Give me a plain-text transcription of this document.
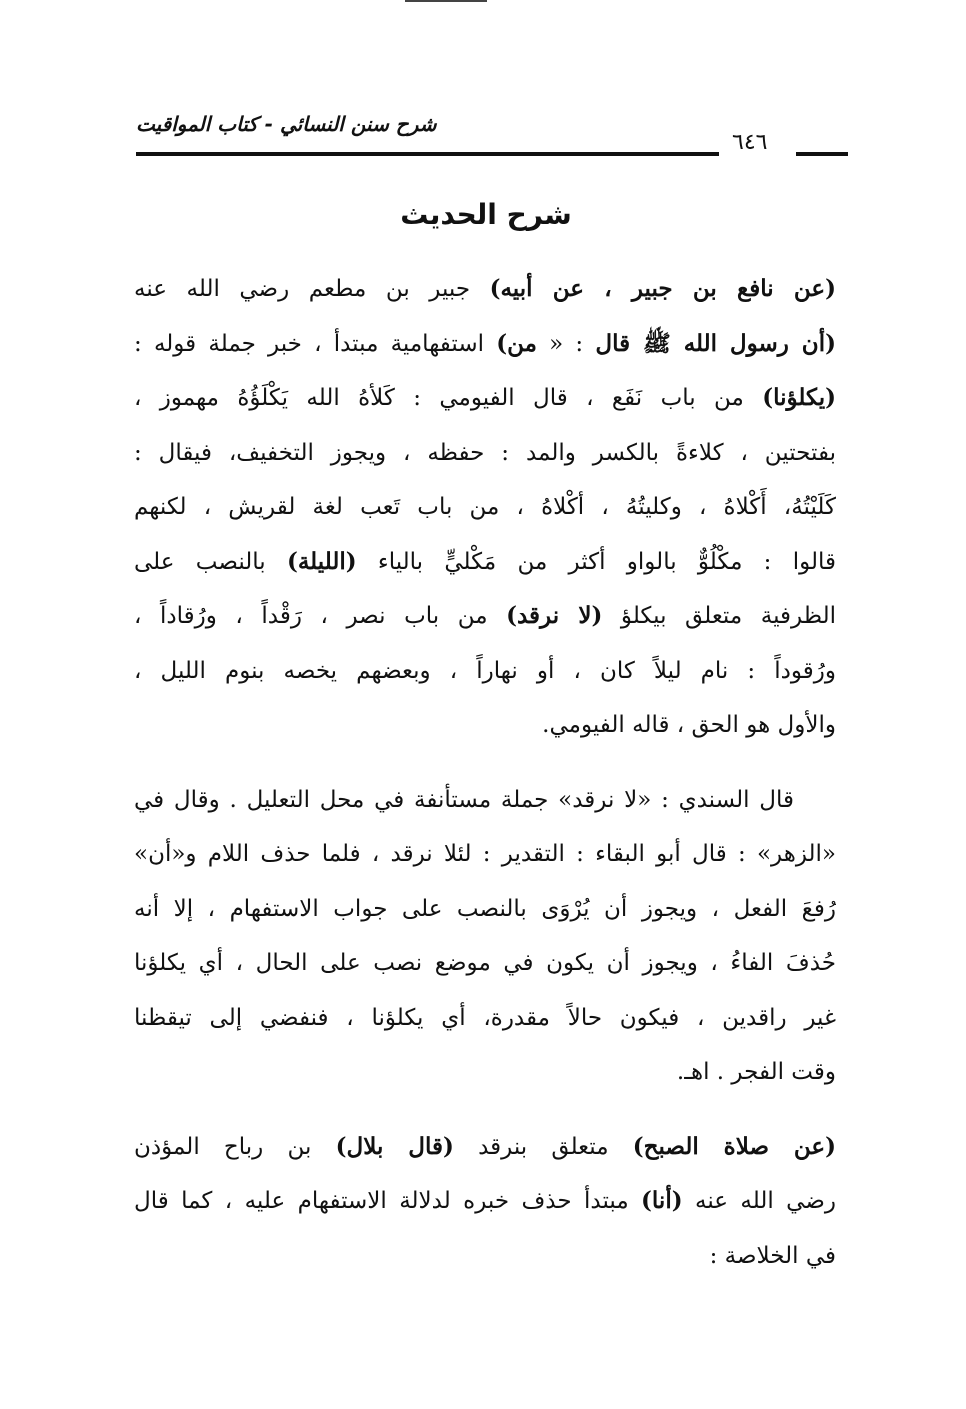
شرح سنن النسائي - كتاب المواقيت
٦٤٦
شرح الحديث
(عن نافع بن جبير ، عن أبيه) جبير بن مطعم رضي الله عنه
(أن رسول الله ﷺ قال : « من) استفهامية مبتدأ ، خبر جملة قوله :
(يكلؤنا) من باب نَفَع ، قال الفيومي : كَلأهُ الله يَكْلَؤُهُ مهموز ،
بفتحتين ، كلاءةً بالكسر والمد : حفظه ، ويجوز التخفيف، فيقال :
كَلَيْتُهُ، أَكْلاهُ ، وكليتُهُ ، أكْلاهُ ، من باب تَعب لغة لقريش ، لكنهم
قالوا : مكْلُوٌّ بالواو أكثر من مَكْليٍّ بالياء (الليلة) بالنصب على
الظرفية متعلق بيكلؤ (لا نرقد) من باب نصر ، رَقْداً ، ورُقاداً ،
ورُقوداً : نام ليلاً كان ، أو نهاراً ، وبعضهم يخصه بنوم الليل ،
والأول هو الحق ، قاله الفيومي.
قال السندي : «لا نرقد» جملة مستأنفة في محل التعليل . وقال في
«الزهر» : قال أبو البقاء : التقدير : لئلا نرقد ، فلما حذف اللام و«أن»
رُفعَ الفعل ، ويجوز أن يُرْوَى بالنصب على جواب الاستفهام ، إلا أنه
حُذفَ الفاءُ ، ويجوز أن يكون في موضع نصب على الحال ، أي يكلؤنا
غير راقدين ، فيكون حالاً مقدرة، أي يكلؤنا ، فنفضي إلى تيقظنا
وقت الفجر . اهـ.
(عن صلاة الصبح) متعلق بنرقد (قال بلال) بن رباح المؤذن
رضي الله عنه (أنا) مبتدأ حذف خبره لدلالة الاستفهام عليه ، كما قال
في الخلاصة :
